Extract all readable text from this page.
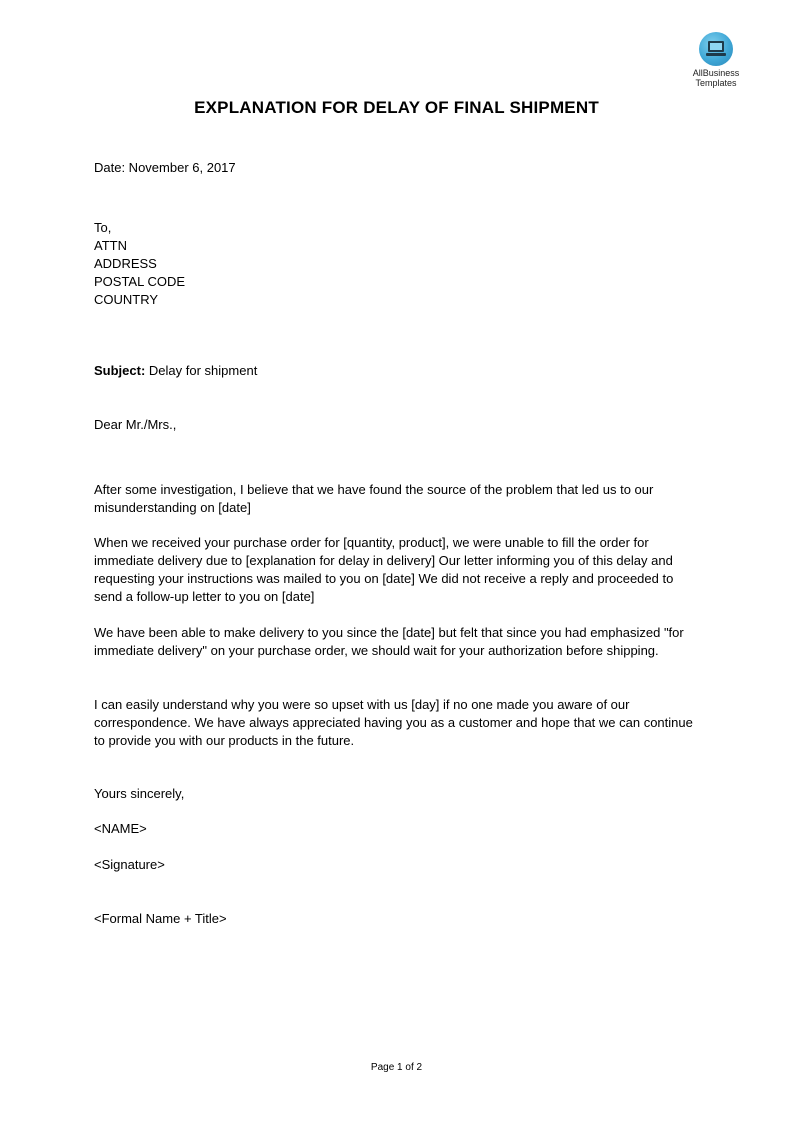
AllBusiness
Templates
EXPLANATION FOR DELAY OF FINAL SHIPMENT
Date: November 6, 2017
To,
ATTN
ADDRESS
POSTAL CODE
COUNTRY
Subject: Delay for shipment
Dear Mr./Mrs.,
After some investigation, I believe that we have found the source of the problem that led us to our misunderstanding on [date]
When we received your purchase order for [quantity, product], we were unable to fill the order for immediate delivery due to [explanation for delay in delivery] Our letter informing you of this delay and requesting your instructions was mailed to you on [date] We did not receive a reply and proceeded to send a follow-up letter to you on [date]
We have been able to make delivery to you since the [date] but felt that since you had emphasized "for immediate delivery" on your purchase order, we should wait for your authorization before shipping.
I can easily understand why you were so upset with us [day] if no one made you aware of our correspondence. We have always appreciated having you as a customer and hope that we can continue to provide you with our products in the future.
Yours sincerely,
<NAME>
<Signature>
<Formal Name + Title>
Page 1 of 2
